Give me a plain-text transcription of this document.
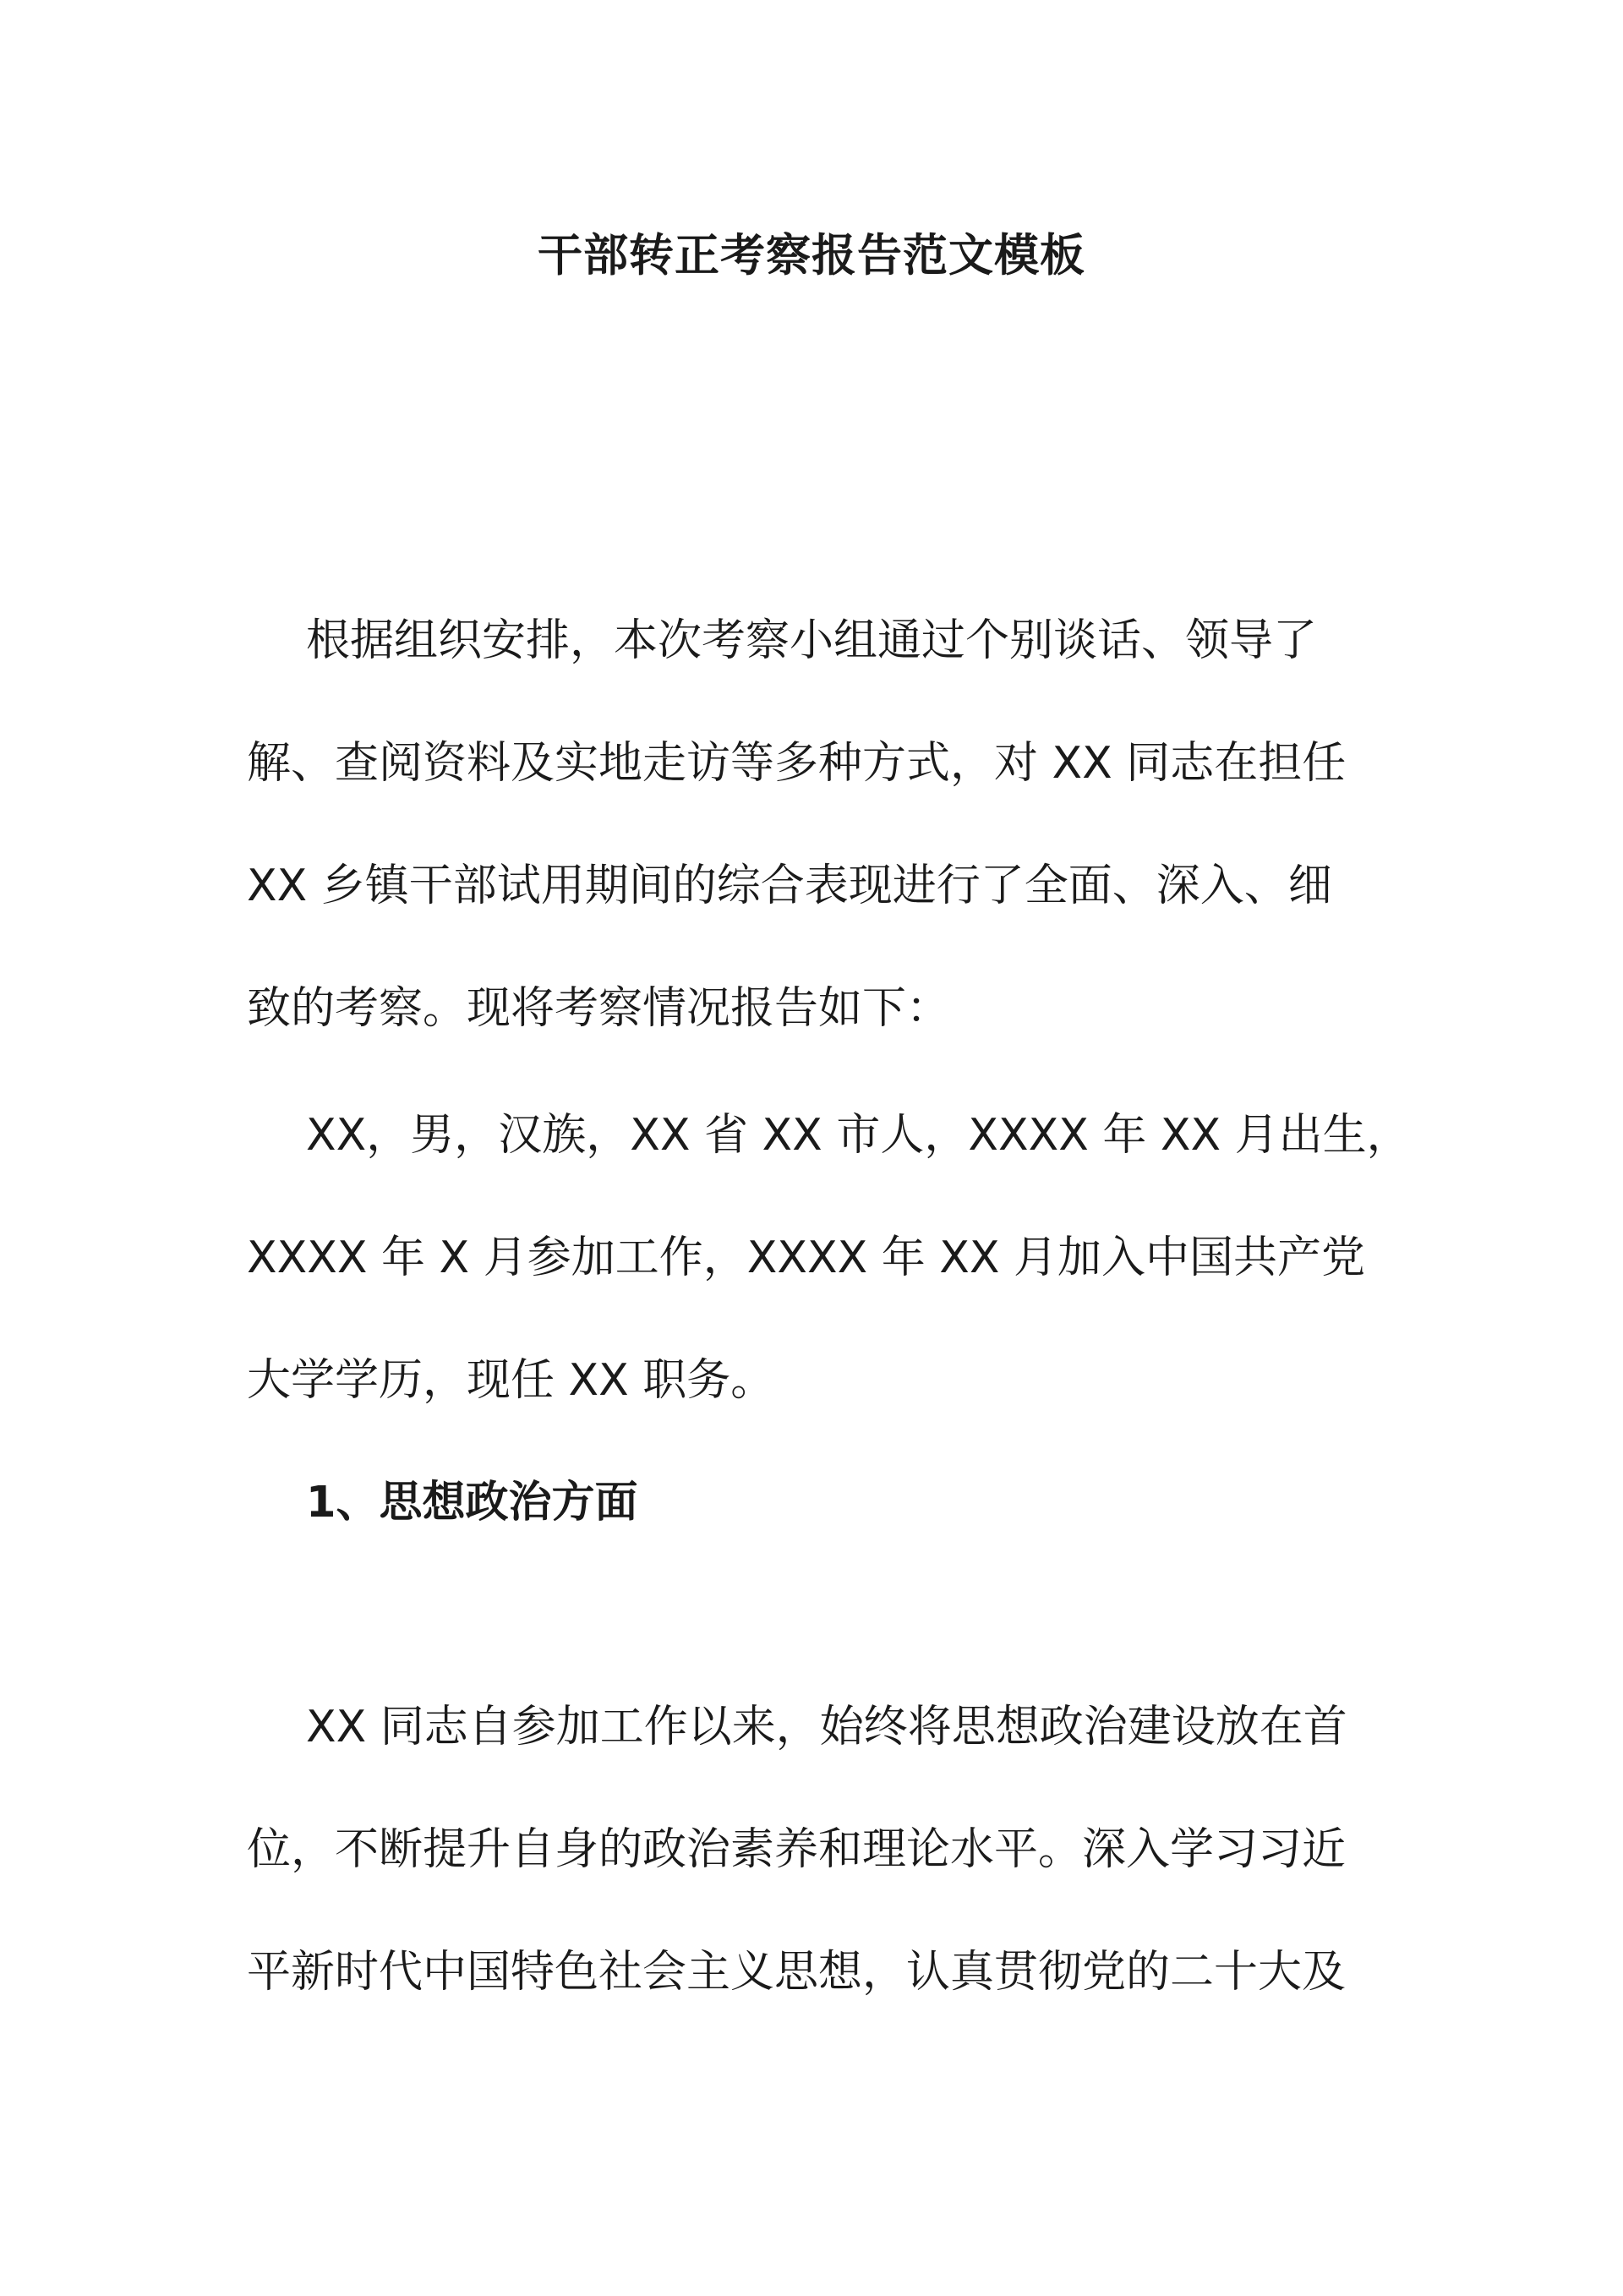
干部转正考察报告范文模板

根据组织安排，本次考察小组通过个别谈话、领导了

解、查阅资料及实地走访等多种方式，对 XX 同志在担任

XX 乡镇干部试用期间的综合表现进行了全面、深入、细

致的考察。现将考察情况报告如下：

XX，男，汉族，XX 省 XX 市人，XXXX 年 XX 月出生，

XXXX 年 X 月参加工作，XXXX 年 XX 月加入中国共产党

大学学历，现任 XX 职务。

1、思想政治方面

XX 同志自参加工作以来，始终将思想政治建设放在首

位，不断提升自身的政治素养和理论水平。深入学习习近

平新时代中国特色社会主义思想，认真贯彻党的二十大及
